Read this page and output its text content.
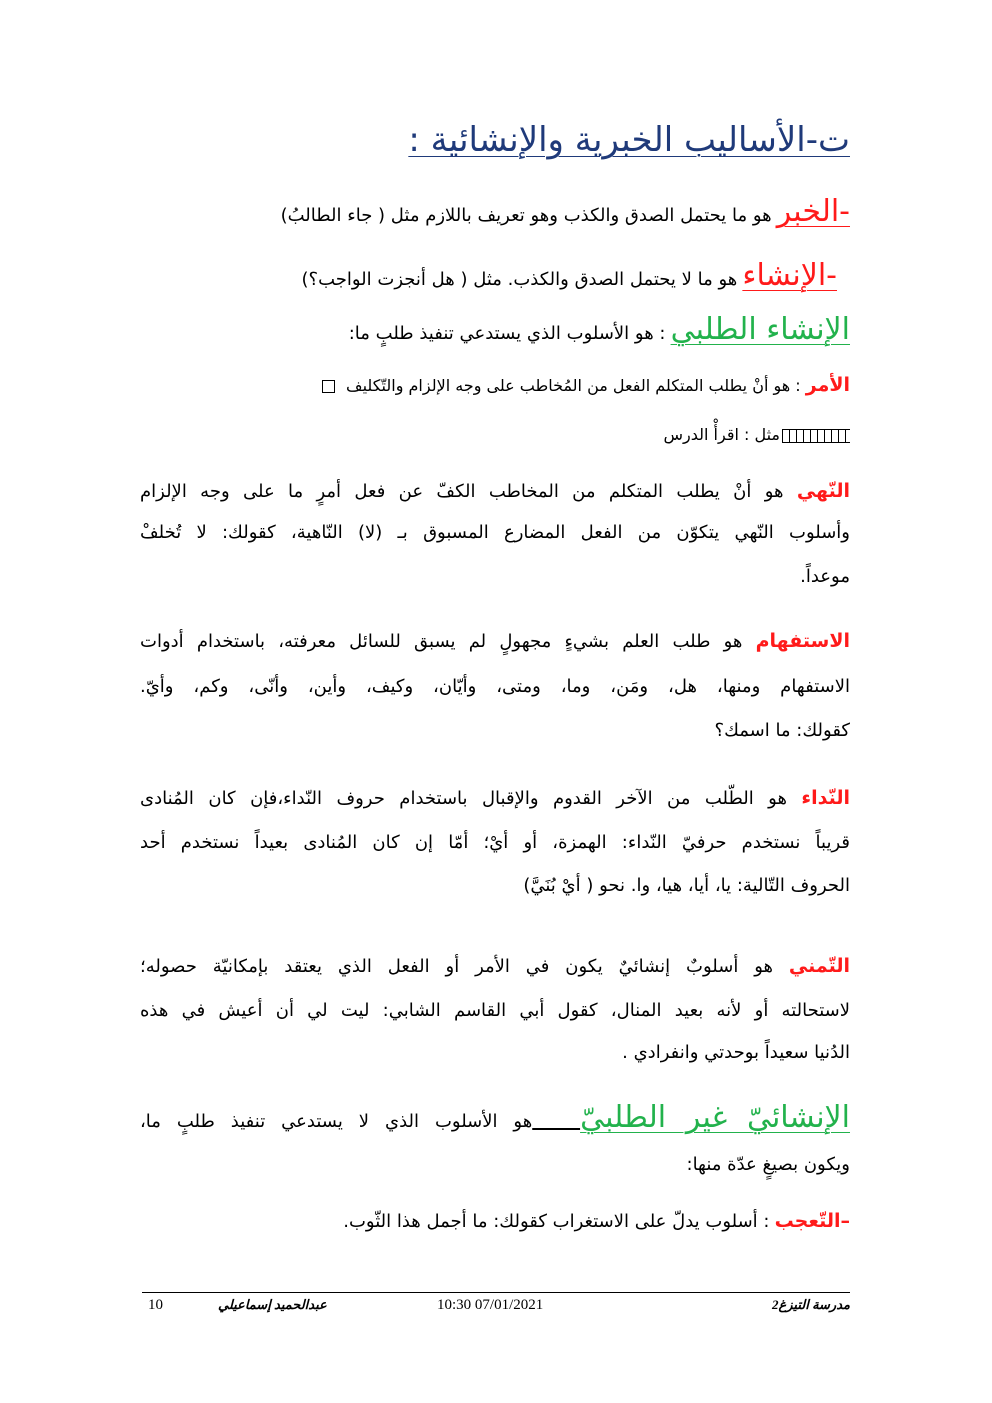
ت-الأساليب الخبرية والإنشائية :
-الخبر هو ما يحتمل الصدق والكذب وهو تعريف باللازم مثل ( جاء الطالبُ)
-الإنشاء هو ما لا يحتمل الصدق والكذب. مثل ( هل أنجزت الواجب؟)
الإنشاء الطلبي : هو الأسلوب الذي يستدعي تنفيذ طلبٍ ما:
الأمر : هو أنْ يطلب المتكلم الفعل من المُخاطب على وجه الإلزام والتّكليف
مثل : اقرأْ الدرس
النّهي هو أنْ يطلب المتكلم من المخاطب الكفّ عن فعل أمرٍ ما على وجه الإلزام
وأسلوب النّهي يتكوّن من الفعل المضارع المسبوق بـ (لا) النّاهية، كقولك: لا تُخلفْ
موعداً.
الاستفهام هو طلب العلم بشيءٍ مجهولٍ لم يسبق للسائل معرفته، باستخدام أدوات
الاستفهام ومنها، هل، ومَن، وما، ومتى، وأيّان، وكيف، وأين، وأنّى، وكم، وأيّ.
كقولك: ما اسمك؟
النّداء هو الطّلب من الآخر القدوم والإقبال باستخدام حروف النّداء،فإن كان المُنادى
قريباً نستخدم حرفيّ النّداء: الهمزة، أو أيْ؛ أمّا إن كان المُنادى بعيداً نستخدم أحد
الحروف التّالية: يا، أيا، هيا، وا. نحو ( أيْ بُنَيَّ)
التّمني هو أسلوبٌ إنشائيٌ يكون في الأمر أو الفعل الذي يعتقد بإمكانيّة حصوله؛
لاستحالته أو لأنه بعيد المنال، كقول أبي القاسم الشابي: ليت لي أن أعيش في هذه
الدُنيا سعيداً بوحدتي وانفرادي .
الإنشائيّ غير الطلبيّ   هو الأسلوب الذي لا يستدعي تنفيذ طلبٍ ما،
ويكون بصيغٍ عدّة منها:
–التّعجب : أسلوب يدلّ على الاستغراب كقولك: ما أجمل هذا الثّوب.
10	عبدالحميد إسماعيلي	10:30 07/01/2021	مدرسة التيزغ2
